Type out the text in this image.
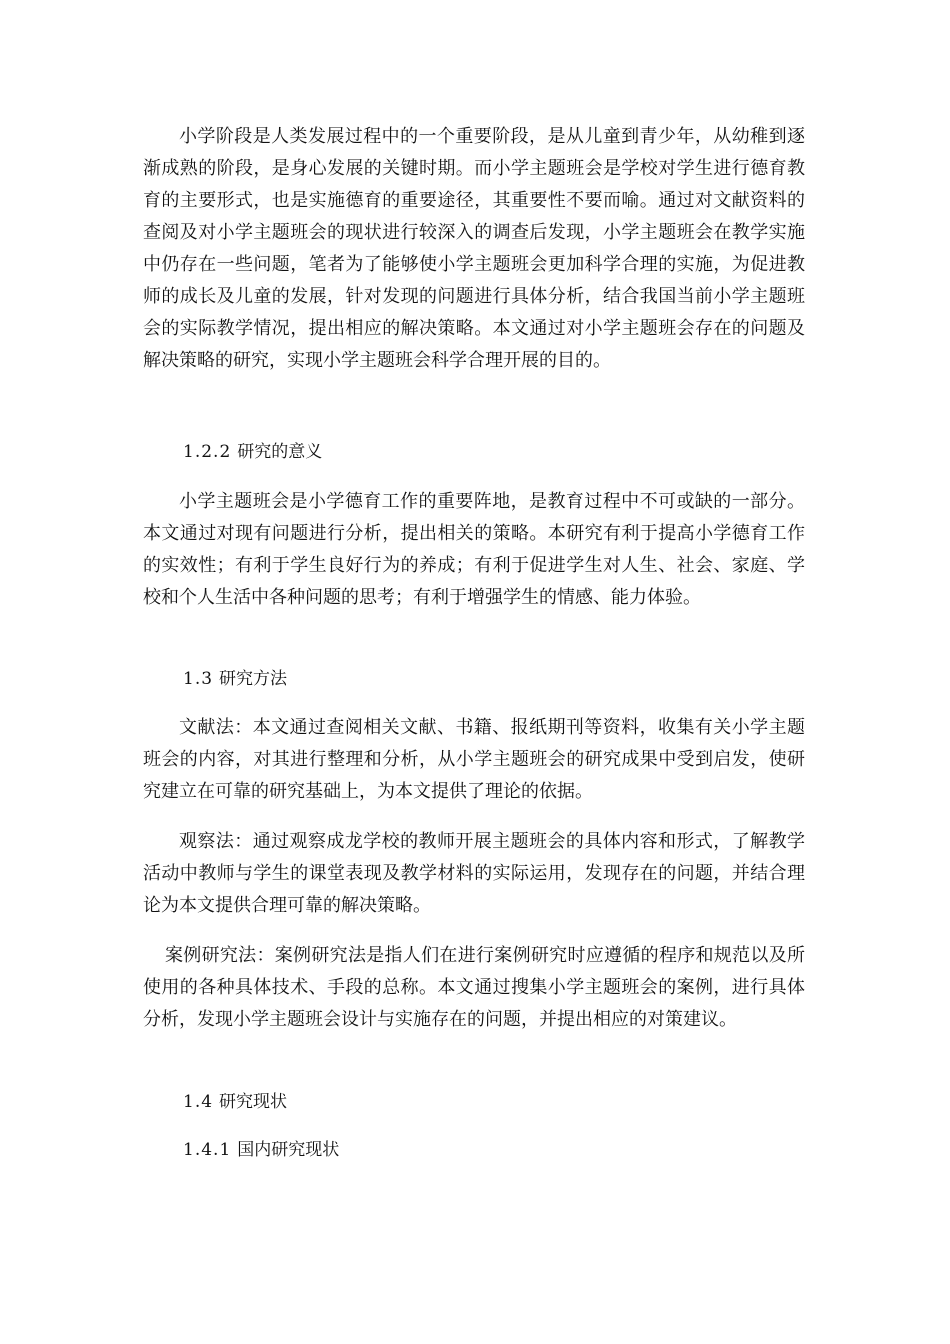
小学阶段是人类发展过程中的一个重要阶段，是从儿童到青少年，从幼稚到逐渐成熟的阶段，是身心发展的关键时期。而小学主题班会是学校对学生进行德育教育的主要形式，也是实施德育的重要途径，其重要性不要而喻。通过对文献资料的查阅及对小学主题班会的现状进行较深入的调查后发现，小学主题班会在教学实施中仍存在一些问题，笔者为了能够使小学主题班会更加科学合理的实施，为促进教师的成长及儿童的发展，针对发现的问题进行具体分析，结合我国当前小学主题班会的实际教学情况，提出相应的解决策略。本文通过对小学主题班会存在的问题及解决策略的研究，实现小学主题班会科学合理开展的目的。

1.2.2 研究的意义

小学主题班会是小学德育工作的重要阵地，是教育过程中不可或缺的一部分。本文通过对现有问题进行分析，提出相关的策略。本研究有利于提高小学德育工作的实效性；有利于学生良好行为的养成；有利于促进学生对人生、社会、家庭、学校和个人生活中各种问题的思考；有利于增强学生的情感、能力体验。

1.3 研究方法

文献法：本文通过查阅相关文献、书籍、报纸期刊等资料，收集有关小学主题班会的内容，对其进行整理和分析，从小学主题班会的研究成果中受到启发，使研究建立在可靠的研究基础上，为本文提供了理论的依据。

观察法：通过观察成龙学校的教师开展主题班会的具体内容和形式，了解教学活动中教师与学生的课堂表现及教学材料的实际运用，发现存在的问题，并结合理论为本文提供合理可靠的解决策略。

案例研究法：案例研究法是指人们在进行案例研究时应遵循的程序和规范以及所使用的各种具体技术、手段的总称。本文通过搜集小学主题班会的案例，进行具体分析，发现小学主题班会设计与实施存在的问题，并提出相应的对策建议。

1.4 研究现状
1.4.1 国内研究现状
